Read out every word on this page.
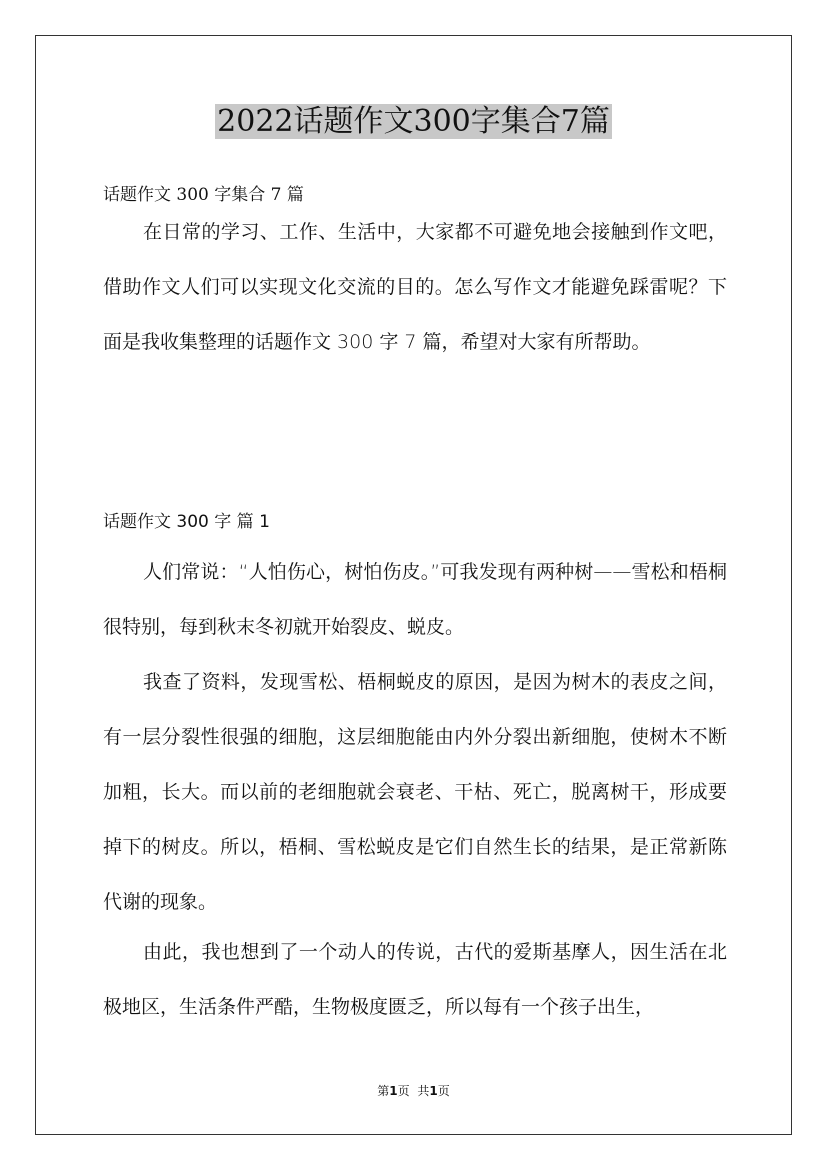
2022话题作文300字集合7篇

话题作文 300 字集合 7 篇

在日常的学习、工作、生活中，大家都不可避免地会接触到作文吧，借助作文人们可以实现文化交流的目的。怎么写作文才能避免踩雷呢？下面是我收集整理的话题作文 300 字 7 篇，希望对大家有所帮助。

话题作文 300 字 篇 1

人们常说：“人怕伤心，树怕伤皮。”可我发现有两种树——雪松和梧桐很特别，每到秋末冬初就开始裂皮、蜕皮。

我查了资料，发现雪松、梧桐蜕皮的原因，是因为树木的表皮之间，有一层分裂性很强的细胞，这层细胞能由内外分裂出新细胞，使树木不断加粗，长大。而以前的老细胞就会衰老、干枯、死亡，脱离树干，形成要掉下的树皮。所以，梧桐、雪松蜕皮是它们自然生长的结果，是正常新陈代谢的现象。

由此，我也想到了一个动人的传说，古代的爱斯基摩人，因生活在北极地区，生活条件严酷，生物极度匮乏，所以每有一个孩子出生，

第1页 共1页
